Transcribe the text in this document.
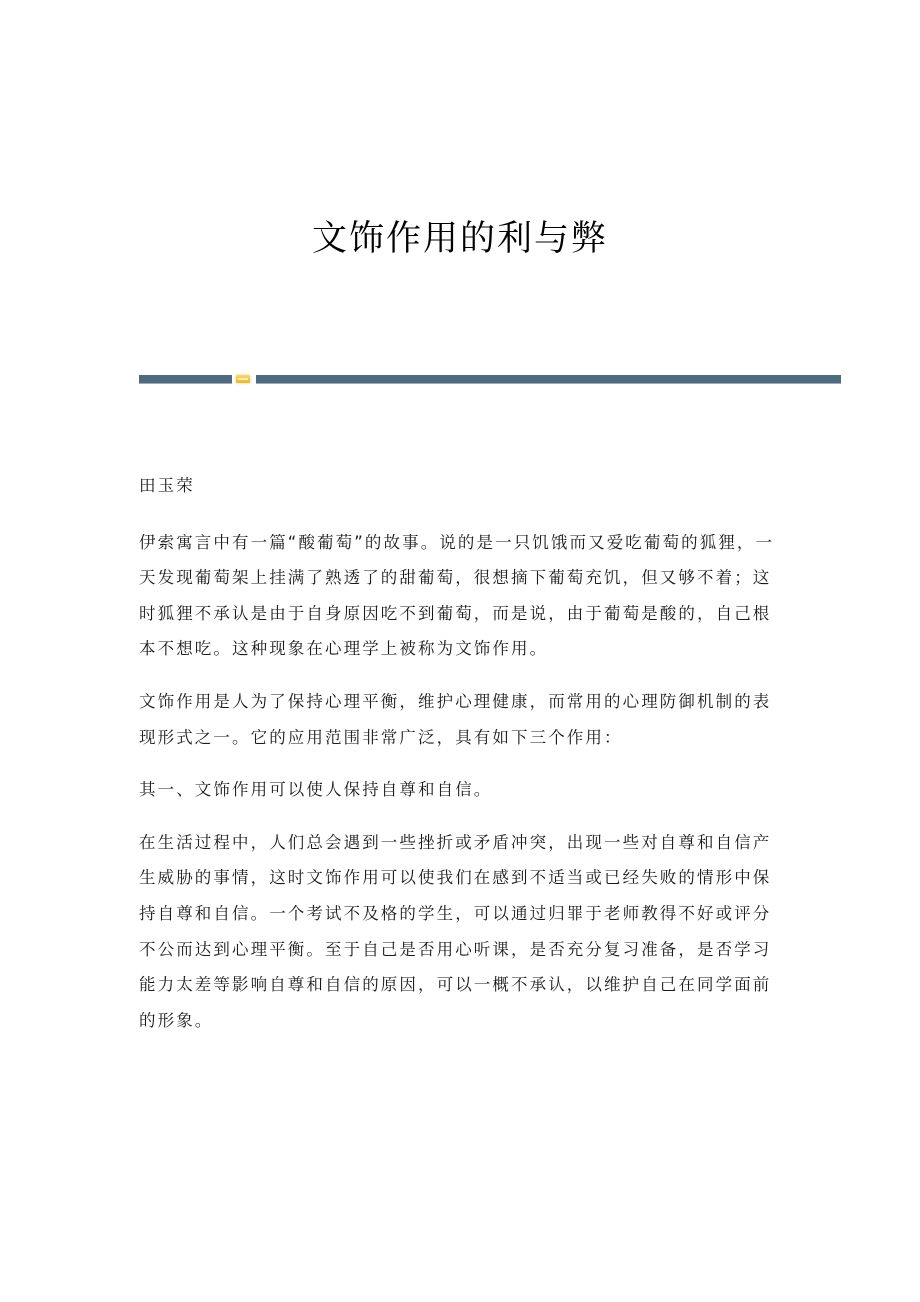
文饰作用的利与弊

田玉荣

伊索寓言中有一篇“酸葡萄”的故事。说的是一只饥饿而又爱吃葡萄的狐狸，一天发现葡萄架上挂满了熟透了的甜葡萄，很想摘下葡萄充饥，但又够不着；这时狐狸不承认是由于自身原因吃不到葡萄，而是说，由于葡萄是酸的，自己根本不想吃。这种现象在心理学上被称为文饰作用。

文饰作用是人为了保持心理平衡，维护心理健康，而常用的心理防御机制的表现形式之一。它的应用范围非常广泛，具有如下三个作用：

其一、文饰作用可以使人保持自尊和自信。

在生活过程中，人们总会遇到一些挫折或矛盾冲突，出现一些对自尊和自信产生威胁的事情，这时文饰作用可以使我们在感到不适当或已经失败的情形中保持自尊和自信。一个考试不及格的学生，可以通过归罪于老师教得不好或评分不公而达到心理平衡。至于自己是否用心听课，是否充分复习准备，是否学习能力太差等影响自尊和自信的原因，可以一概不承认，以维护自己在同学面前的形象。
